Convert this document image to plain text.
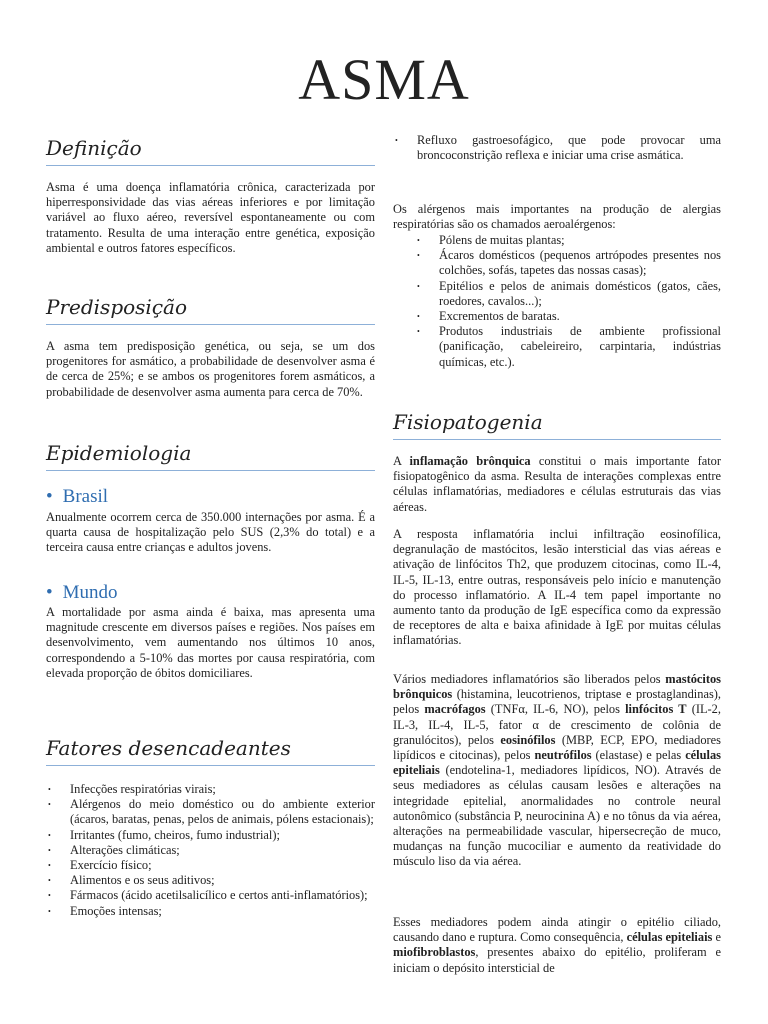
ASMA
Definição

Asma é uma doença inflamatória crônica, caracterizada por hiperresponsividade das vias aéreas inferiores e por limitação variável ao fluxo aéreo, reversível espontaneamente ou com tratamento. Resulta de uma interação entre genética, exposição ambiental e outros fatores específicos.

Predisposição

A asma tem predisposição genética, ou seja, se um dos progenitores for asmático, a probabilidade de desenvolver asma é de cerca de 25%; e se ambos os progenitores forem asmáticos, a probabilidade de desenvolver asma aumenta para cerca de 70%.

Epidemiologia
• Brasil

Anualmente ocorrem cerca de 350.000 internações por asma. É a quarta causa de hospitalização pelo SUS (2,3% do total) e a terceira causa entre crianças e adultos jovens.

• Mundo

A mortalidade por asma ainda é baixa, mas apresenta uma magnitude crescente em diversos países e regiões. Nos países em desenvolvimento, vem aumentando nos últimos 10 anos, correspondendo a 5-10% das mortes por causa respiratória, com elevada proporção de óbitos domiciliares.

Fatores desencadeantes
• Infecções respiratórias virais;
• Alérgenos do meio doméstico ou do ambiente exterior (ácaros, baratas, penas, pelos de animais, pólens estacionais);
• Irritantes (fumo, cheiros, fumo industrial);
• Alterações climáticas;
• Exercício físico;
• Alimentos e os seus aditivos;
• Fármacos (ácido acetilsalicílico e certos anti-inflamatórios);
• Emoções intensas;
• Refluxo gastroesofágico, que pode provocar uma broncoconstrição reflexa e iniciar uma crise asmática.

Os alérgenos mais importantes na produção de alergias respiratórias são os chamados aeroalérgenos:

• Pólens de muitas plantas;
• Ácaros domésticos (pequenos artrópodes presentes nos colchões, sofás, tapetes das nossas casas);
• Epitélios e pelos de animais domésticos (gatos, cães, roedores, cavalos...);
• Excrementos de baratas.
• Produtos industriais de ambiente profissional (panificação, cabeleireiro, carpintaria, indústrias químicas, etc.).
Fisiopatogenia

A inflamação brônquica constitui o mais importante fator fisiopatogênico da asma. Resulta de interações complexas entre células inflamatórias, mediadores e células estruturais das vias aéreas.

A resposta inflamatória inclui infiltração eosinofílica, degranulação de mastócitos, lesão intersticial das vias aéreas e ativação de linfócitos Th2, que produzem citocinas, como IL-4, IL-5, IL-13, entre outras, responsáveis pelo início e manutenção do processo inflamatório. A IL-4 tem papel importante no aumento tanto da produção de IgE específica como da expressão de receptores de alta e baixa afinidade à IgE por muitas células inflamatórias.

Vários mediadores inflamatórios são liberados pelos mastócitos brônquicos (histamina, leucotrienos, triptase e prostaglandinas), pelos macrófagos (TNFα, IL-6, NO), pelos linfócitos T (IL-2, IL-3, IL-4, IL-5, fator α de crescimento de colônia de granulócitos), pelos eosinófilos (MBP, ECP, EPO, mediadores lipídicos e citocinas), pelos neutrófilos (elastase) e pelas células epiteliais (endotelina-1, mediadores lipídicos, NO). Através de seus mediadores as células causam lesões e alterações na integridade epitelial, anormalidades no controle neural autonômico (substância P, neurocinina A) e no tônus da via aérea, alterações na permeabilidade vascular, hipersecreção de muco, mudanças na função mucociliar e aumento da reatividade do músculo liso da via aérea.

Esses mediadores podem ainda atingir o epitélio ciliado, causando dano e ruptura. Como consequência, células epiteliais e miofibroblastos, presentes abaixo do epitélio, proliferam e iniciam o depósito intersticial de
